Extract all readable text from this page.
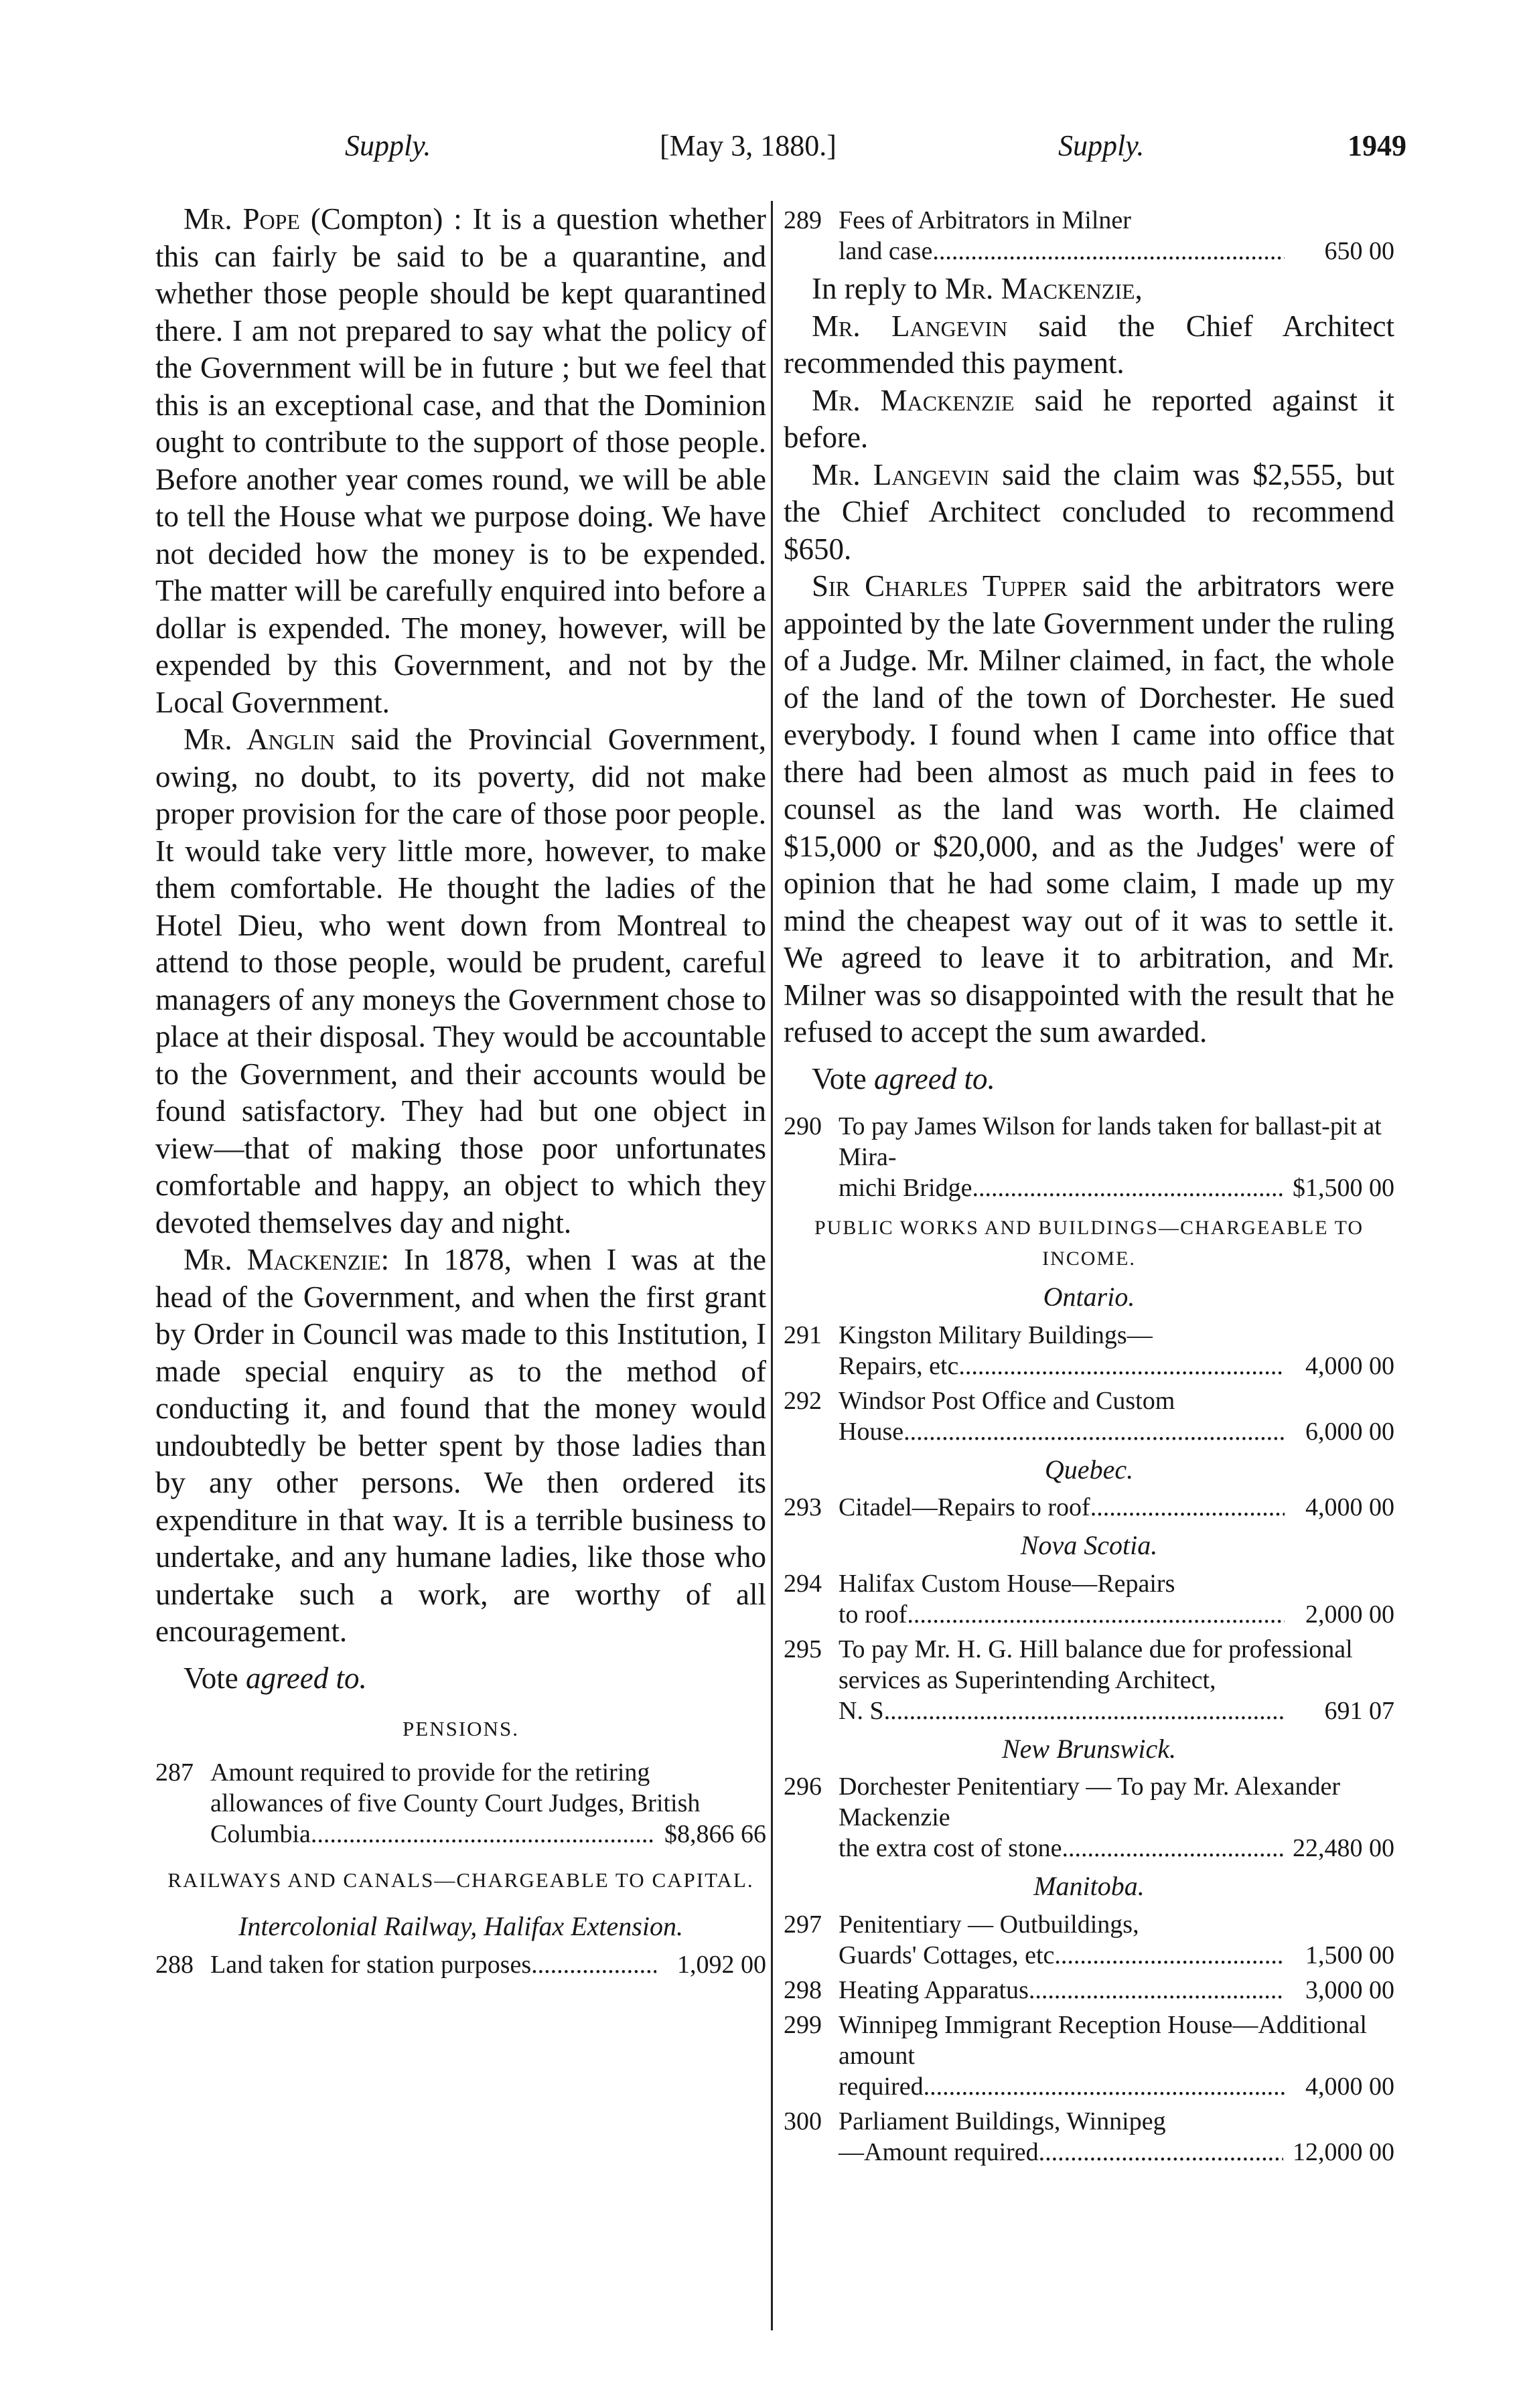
Supply.	[May 3, 1880.]	Supply.	1949

Mr. Pope (Compton) : It is a question whether this can fairly be said to be a quarantine, and whether those people should be kept quarantined there. I am not prepared to say what the policy of the Government will be in future ; but we feel that this is an exceptional case, and that the Dominion ought to contribute to the support of those people. Before another year comes round, we will be able to tell the House what we purpose doing. We have not decided how the money is to be expended. The matter will be carefully enquired into before a dollar is expended. The money, however, will be expended by this Government, and not by the Local Government.

Mr. Anglin said the Provincial Government, owing, no doubt, to its poverty, did not make proper provision for the care of those poor people. It would take very little more, however, to make them comfortable. He thought the ladies of the Hotel Dieu, who went down from Montreal to attend to those people, would be prudent, careful managers of any moneys the Government chose to place at their disposal. They would be accountable to the Government, and their accounts would be found satisfactory. They had but one object in view—that of making those poor unfortunates comfortable and happy, an object to which they devoted themselves day and night.

Mr. Mackenzie: In 1878, when I was at the head of the Government, and when the first grant by Order in Council was made to this Institution, I made special enquiry as to the method of conducting it, and found that the money would undoubtedly be better spent by those ladies than by any other persons. We then ordered its expenditure in that way. It is a terrible business to undertake, and any humane ladies, like those who undertake such a work, are worthy of all encouragement.

Vote agreed to.
PENSIONS.
287 Amount required to provide for the retiring allowances of five County Court Judges, British
Columbia .....	$8,866 66
RAILWAYS AND CANALS—CHARGEABLE TO CAPITAL.
Intercolonial Railway, Halifax Extension.
288 Land taken for station purposes .....	1,092 00
289 Fees of Arbitrators in Milner
land case .....	650 00

In reply to Mr. Mackenzie,

Mr. Langevin said the Chief Architect recommended this payment.

Mr. Mackenzie said he reported against it before.

Mr. Langevin said the claim was $2,555, but the Chief Architect concluded to recommend $650.

Sir Charles Tupper said the arbitrators were appointed by the late Government under the ruling of a Judge. Mr. Milner claimed, in fact, the whole of the land of the town of Dorchester. He sued everybody. I found when I came into office that there had been almost as much paid in fees to counsel as the land was worth. He claimed $15,000 or $20,000, and as the Judges' were of opinion that he had some claim, I made up my mind the cheapest way out of it was to settle it. We agreed to leave it to arbitration, and Mr. Milner was so disappointed with the result that he refused to accept the sum awarded.

Vote agreed to.
290 To pay James Wilson for lands taken for ballast-pit at Mira-
michi Bridge .....	$1,500 00
PUBLIC WORKS AND BUILDINGS—CHARGEABLE TO INCOME.
Ontario.
291 Kingston Military Buildings—
Repairs, etc .....	4,000 00
292 Windsor Post Office and Custom
House .....	6,000 00
Quebec.
293 Citadel—Repairs to roof .....	4,000 00
Nova Scotia.
294 Halifax Custom House—Repairs
to roof .....	2,000 00
295 To pay Mr. H. G. Hill balance due for professional services as Superintending Architect,
N. S .....	691 07
New Brunswick.
296 Dorchester Penitentiary — To pay Mr. Alexander Mackenzie
the extra cost of stone .....	22,480 00
Manitoba.
297 Penitentiary — Outbuildings,
Guards' Cottages, etc .....	1,500 00
298 Heating Apparatus .....	3,000 00
299 Winnipeg Immigrant Reception House—Additional amount
required .....	4,000 00
300 Parliament Buildings, Winnipeg
—Amount required .....	12,000 00
